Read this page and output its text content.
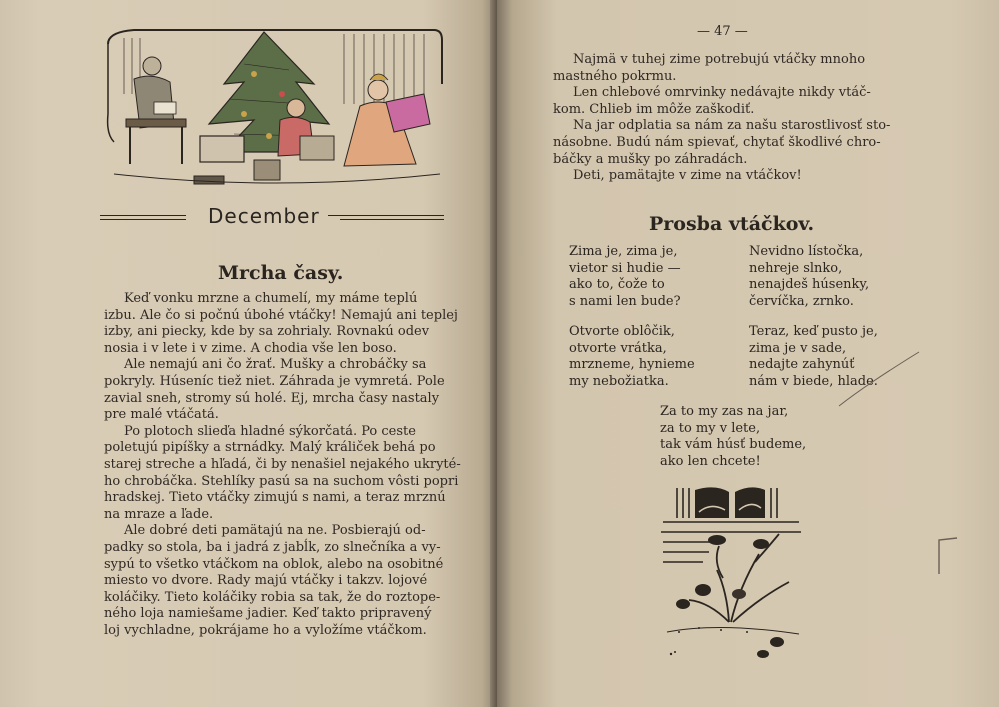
December
Mrcha časy.
Keď vonku mrzne a chumelí, my máme teplú
izbu. Ale čo si počnú úbohé vtáčky! Nemajú ani teplej
izby, ani piecky, kde by sa zohrialy. Rovnakú odev
nosia i v lete i v zime. A chodia vše len boso.
Ale nemajú ani čo žrať. Mušky a chrobáčky sa
pokryly. Húseníc tiež niet. Záhrada je vymretá. Pole
zavial sneh, stromy sú holé. Ej, mrcha časy nastaly
pre malé vtáčatá.
Po plotoch slieďa hladné sýkorčatá. Po ceste
poletujú pipíšky a strnádky. Malý králiček behá po
starej streche a hľadá, či by nenašiel nejakého ukryté-
ho chrobáčka. Stehlíky pasú sa na suchom vôsti popri
hradskej. Tieto vtáčky zimujú s nami, a teraz mrznú
na mraze a ľade.
Ale dobré deti pamätajú na ne. Posbierajú od-
padky so stola, ba i jadrá z jabĺk, zo slnečníka a vy-
sypú to všetko vtáčkom na oblok, alebo na osobitné
miesto vo dvore. Rady majú vtáčky i takzv. lojové
koláčiky. Tieto koláčiky robia sa tak, že do roztope-
ného loja namiešame jadier. Keď takto pripravený
loj vychladne, pokrájame ho a vyložíme vtáčkom.
— 47 —
Najmä v tuhej zime potrebujú vtáčky mnoho
mastného pokrmu.
Len chlebové omrvinky nedávajte nikdy vtáč-
kom. Chlieb im môže zaškodiť.
Na jar odplatia sa nám za našu starostlivosť sto-
násobne. Budú nám spievať, chytať škodlivé chro-
báčky a mušky po záhradách.
Deti, pamätajte v zime na vtáčkov!
Prosba vtáčkov.
Zima je, zima je,
vietor si hudie —
ako to, čože to
s nami len bude?
Nevidno lístočka,
nehreje slnko,
nenajdeš húsenky,
červíčka, zrnko.
Otvorte oblôčik,
otvorte vrátka,
mrzneme, hynieme
my nebožiatka.
Teraz, keď pusto je,
zima je v sade,
nedajte zahynúť
nám v biede, hlade.
Za to my zas na jar,
za to my v lete,
tak vám húsť budeme,
ako len chcete!
